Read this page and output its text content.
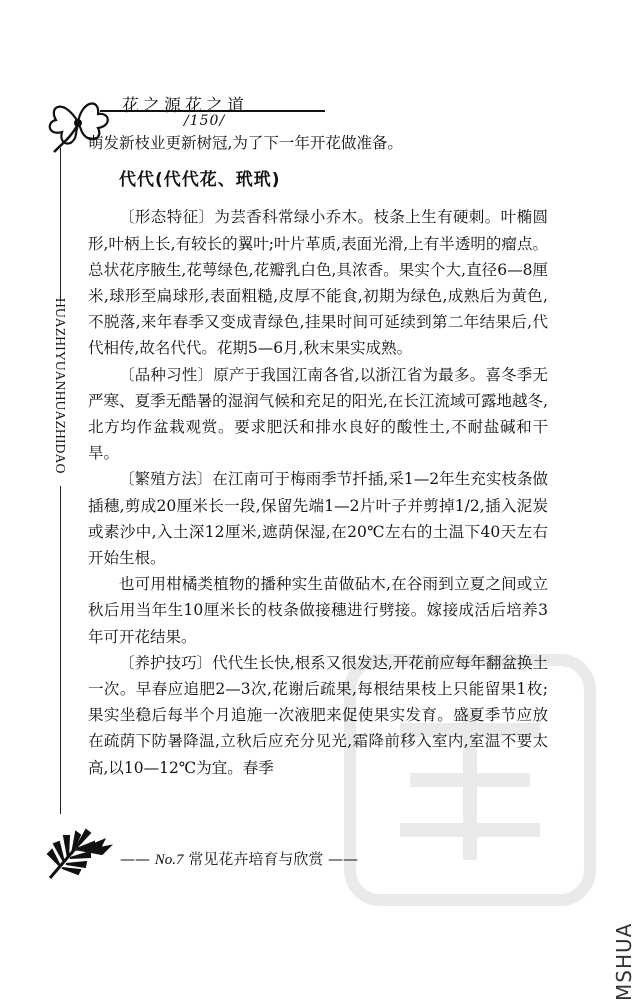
花之源花之道
/150/
HUAZHIYUANHUAZHIDAO

萌发新枝业更新树冠,为了下一年开花做准备。

代代(代代花、玳玳)

〔形态特征〕为芸香科常绿小乔木。枝条上生有硬刺。叶椭圆形,叶柄上长,有较长的翼叶;叶片革质,表面光滑,上有半透明的瘤点。总状花序腋生,花萼绿色,花瓣乳白色,具浓香。果实个大,直径6—8厘米,球形至扁球形,表面粗糙,皮厚不能食,初期为绿色,成熟后为黄色,不脱落,来年春季又变成青绿色,挂果时间可延续到第二年结果后,代代相传,故名代代。花期5—6月,秋末果实成熟。

〔品种习性〕原产于我国江南各省,以浙江省为最多。喜冬季无严寒、夏季无酷暑的湿润气候和充足的阳光,在长江流域可露地越冬,北方均作盆栽观赏。要求肥沃和排水良好的酸性土,不耐盐碱和干旱。

〔繁殖方法〕在江南可于梅雨季节扦插,采1—2年生充实枝条做插穗,剪成20厘米长一段,保留先端1—2片叶子并剪掉1/2,插入泥炭或素沙中,入土深12厘米,遮荫保湿,在20℃左右的土温下40天左右开始生根。

也可用柑橘类植物的播种实生苗做砧木,在谷雨到立夏之间或立秋后用当年生10厘米长的枝条做接穗进行劈接。嫁接成活后培养3年可开花结果。

〔养护技巧〕代代生长快,根系又很发达,开花前应每年翻盆换土一次。早春应追肥2—3次,花谢后疏果,每根结果枝上只能留果1枚;果实坐稳后每半个月追施一次液肥来促使果实发育。盛夏季节应放在疏荫下防暑降温,立秋后应充分见光,霜降前移入室内,室温不要太高,以10—12℃为宜。春季

—— No.7 常见花卉培育与欣赏 ——
MSHUA
